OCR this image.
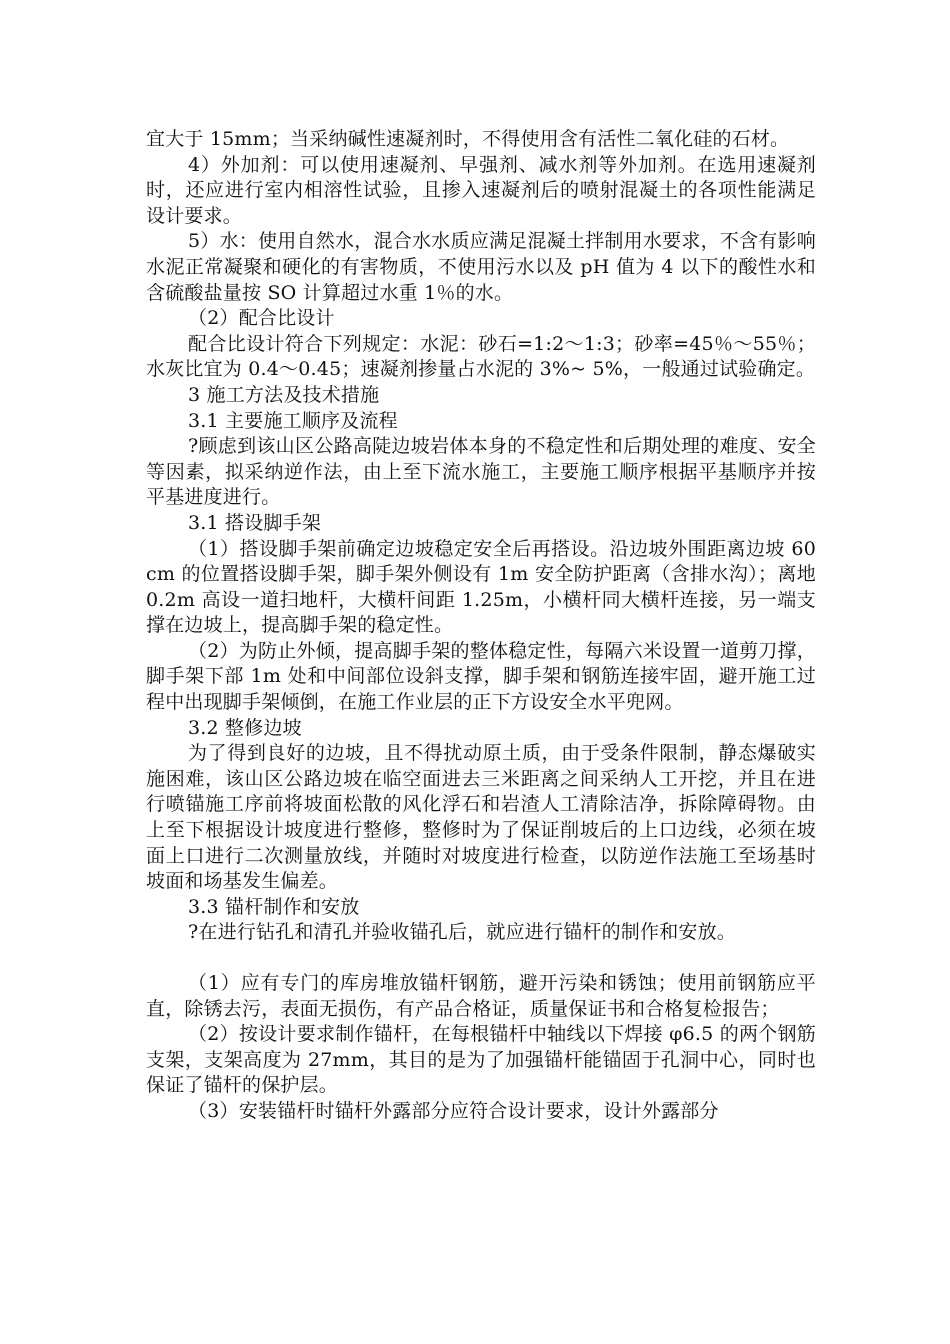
宜大于 15mm；当采纳碱性速凝剂时，不得使用含有活性二氧化硅的石材。

4）外加剂：可以使用速凝剂、早强剂、减水剂等外加剂。在选用速凝剂时，还应进行室内相溶性试验，且掺入速凝剂后的喷射混凝土的各项性能满足设计要求。

5）水：使用自然水，混合水水质应满足混凝土拌制用水要求，不含有影响水泥正常凝聚和硬化的有害物质，不使用污水以及 pH 值为 4 以下的酸性水和含硫酸盐量按 SO 计算超过水重 1％的水。

（2）配合比设计

配合比设计符合下列规定：水泥：砂石=1:2～1:3；砂率=45％～55％；水灰比宜为 0.4～0.45；速凝剂掺量占水泥的 3%~ 5%，一般通过试验确定。

3 施工方法及技术措施

3.1 主要施工顺序及流程

?顾虑到该山区公路高陡边坡岩体本身的不稳定性和后期处理的难度、安全等因素，拟采纳逆作法，由上至下流水施工，主要施工顺序根据平基顺序并按平基进度进行。

3.1 搭设脚手架

（1）搭设脚手架前确定边坡稳定安全后再搭设。沿边坡外围距离边坡 60cm 的位置搭设脚手架，脚手架外侧设有 1m 安全防护距离（含排水沟）；离地 0.2m 高设一道扫地杆，大横杆间距 1.25m，小横杆同大横杆连接，另一端支撑在边坡上，提高脚手架的稳定性。

（2）为防止外倾，提高脚手架的整体稳定性，每隔六米设置一道剪刀撑，脚手架下部 1m 处和中间部位设斜支撑，脚手架和钢筋连接牢固，避开施工过程中出现脚手架倾倒，在施工作业层的正下方设安全水平兜网。

3.2 整修边坡

为了得到良好的边坡，且不得扰动原土质，由于受条件限制，静态爆破实施困难，该山区公路边坡在临空面进去三米距离之间采纳人工开挖，并且在进行喷锚施工序前将坡面松散的风化浮石和岩渣人工清除洁净，拆除障碍物。由上至下根据设计坡度进行整修，整修时为了保证削坡后的上口边线，必须在坡面上口进行二次测量放线，并随时对坡度进行检查，以防逆作法施工至场基时坡面和场基发生偏差。

3.3 锚杆制作和安放

?在进行钻孔和清孔并验收锚孔后，就应进行锚杆的制作和安放。

（1）应有专门的库房堆放锚杆钢筋，避开污染和锈蚀；使用前钢筋应平直，除锈去污，表面无损伤，有产品合格证，质量保证书和合格复检报告；

（2）按设计要求制作锚杆，在每根锚杆中轴线以下焊接 φ6.5 的两个钢筋支架，支架高度为 27mm，其目的是为了加强锚杆能锚固于孔洞中心，同时也保证了锚杆的保护层。

（3）安装锚杆时锚杆外露部分应符合设计要求，设计外露部分
